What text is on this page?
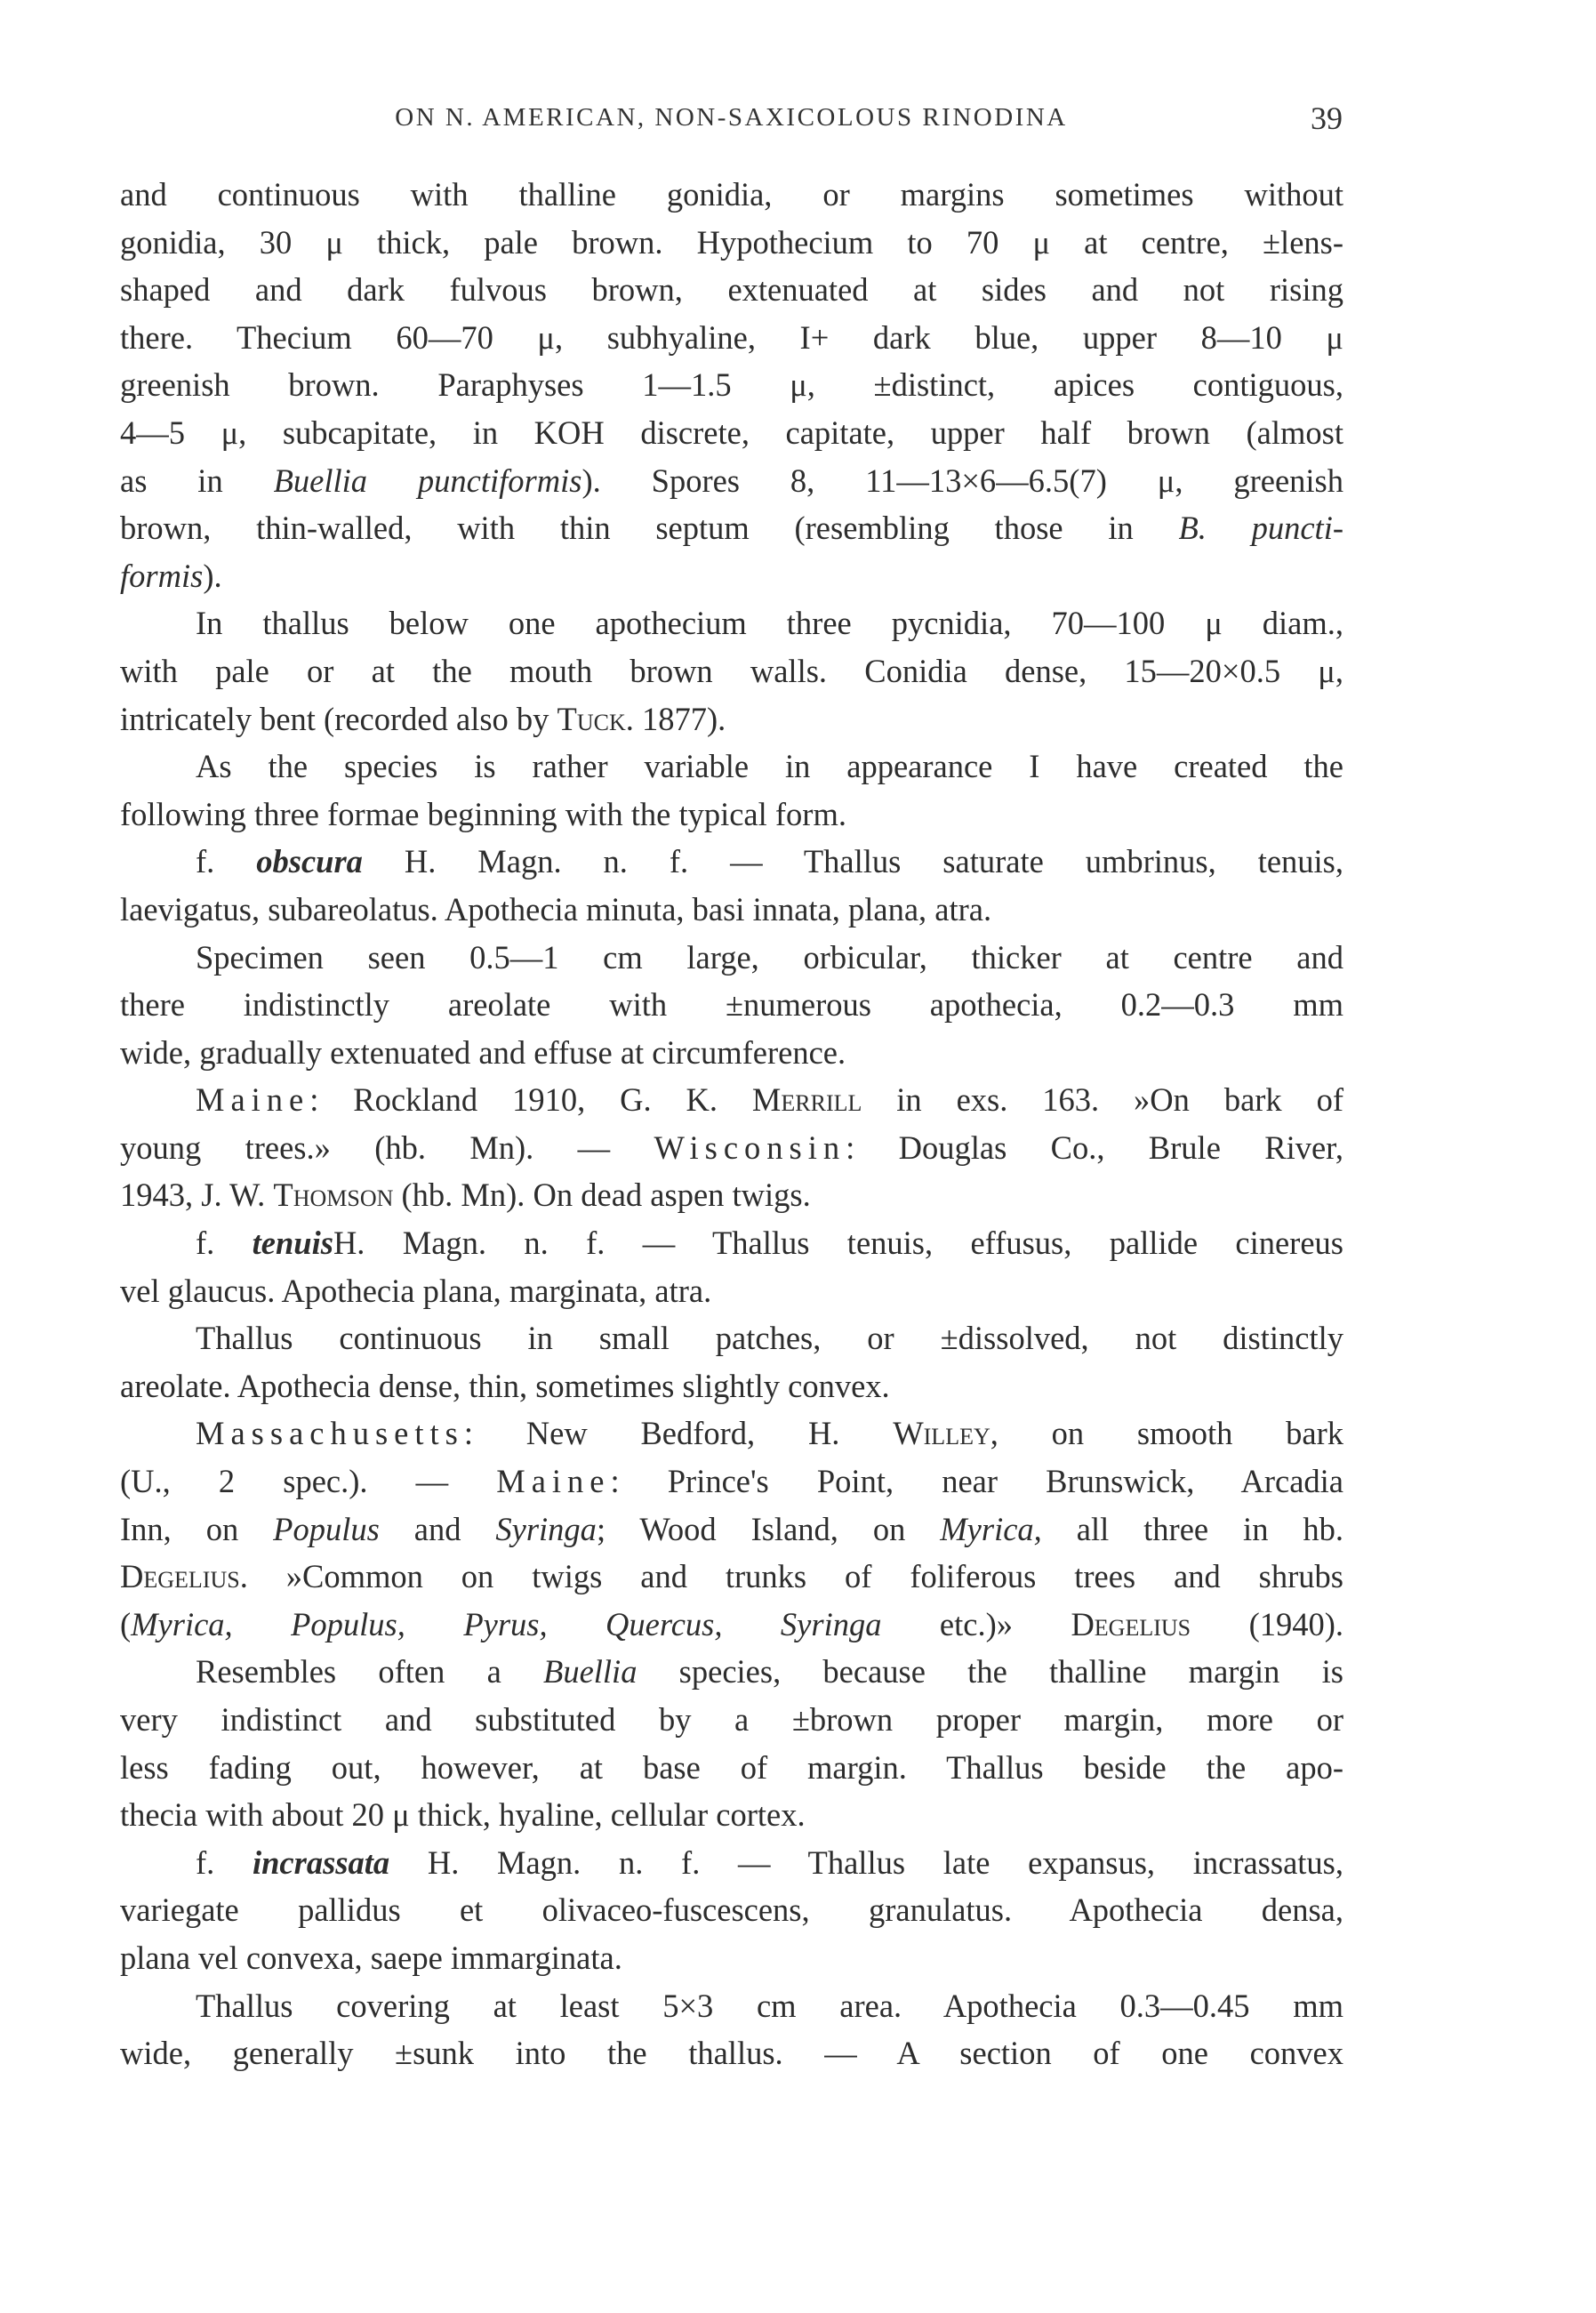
ON N. AMERICAN, NON-SAXICOLOUS RINODINA	39
and continuous with thalline gonidia, or margins sometimes without
gonidia, 30 μ thick, pale brown. Hypothecium to 70 μ at centre, ±lens-
shaped and dark fulvous brown, extenuated at sides and not rising
there. Thecium 60—70 μ, subhyaline, I+ dark blue, upper 8—10 μ
greenish brown. Paraphyses 1—1.5 μ, ±distinct, apices contiguous,
4—5 μ, subcapitate, in KOH discrete, capitate, upper half brown (almost
as in Buellia punctiformis). Spores 8, 11—13×6—6.5(7) μ, greenish
brown, thin-walled, with thin septum (resembling those in B. puncti-
formis).
In thallus below one apothecium three pycnidia, 70—100 μ diam.,
with pale or at the mouth brown walls. Conidia dense, 15—20×0.5 μ,
intricately bent (recorded also by Tuck. 1877).
As the species is rather variable in appearance I have created the
following three formae beginning with the typical form.
f. obscura H. Magn. n. f. — Thallus saturate umbrinus, tenuis,
laevigatus, subareolatus. Apothecia minuta, basi innata, plana, atra.
Specimen seen 0.5—1 cm large, orbicular, thicker at centre and
there indistinctly areolate with ±numerous apothecia, 0.2—0.3 mm
wide, gradually extenuated and effuse at circumference.
Maine: Rockland 1910, G. K. Merrill in exs. 163. »On bark of
young trees.» (hb. Mn). — Wisconsin: Douglas Co., Brule River,
1943, J. W. Thomson (hb. Mn). On dead aspen twigs.
f. tenuisH. Magn. n. f. — Thallus tenuis, effusus, pallide cinereus
vel glaucus. Apothecia plana, marginata, atra.
Thallus continuous in small patches, or ±dissolved, not distinctly
areolate. Apothecia dense, thin, sometimes slightly convex.
Massachusetts: New Bedford, H. Willey, on smooth bark
(U., 2 spec.). — Maine: Prince's Point, near Brunswick, Arcadia
Inn, on Populus and Syringa; Wood Island, on Myrica, all three in hb.
Degelius. »Common on twigs and trunks of foliferous trees and shrubs
(Myrica, Populus, Pyrus, Quercus, Syringa etc.)» Degelius (1940).
Resembles often a Buellia species, because the thalline margin is
very indistinct and substituted by a ±brown proper margin, more or
less fading out, however, at base of margin. Thallus beside the apo-
thecia with about 20 μ thick, hyaline, cellular cortex.
f. incrassata H. Magn. n. f. — Thallus late expansus, incrassatus,
variegate pallidus et olivaceo-fuscescens, granulatus. Apothecia densa,
plana vel convexa, saepe immarginata.
Thallus covering at least 5×3 cm area. Apothecia 0.3—0.45 mm
wide, generally ±sunk into the thallus. — A section of one convex
